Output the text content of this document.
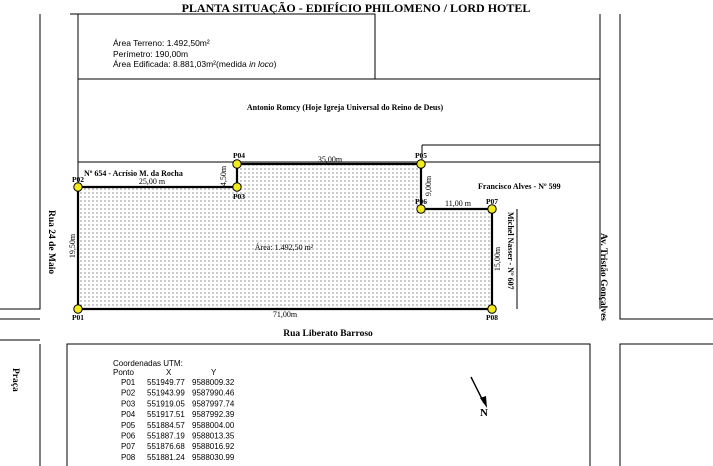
PLANTA SITUAÇÃO - EDIFÍCIO PHILOMENO / LORD HOTEL
Área Terreno: 1.492,50m²
Perímetro: 190,00m
Área Edificada: 8.881,03m²(medida in loco)
Antonio Romcy (Hoje Igreja Universal do Reino de Deus)
Nº 654 - Acrísio M. da Rocha
Francisco Alves - Nº 599
Michel Nasser - Nº 607
Rua Liberato Barroso
Rua 24 de Maio	Av. Tristão Gonçalves
Praça
25,00 m	4,50m
35,00m
9,00m
11,00 m
15,00m
71,00m
19,50m	Área: 1.492,50 m²
P01
P02
P03
P04	P05
P06	P07
P08
Coordenadas UTM:
Ponto	X	Y
P01 551949.77 9588009.32
P02 551943.99 9587990.46
P03 551919.05 9587997.74
P04 551917.51 9587992.39
P05 551884.57 9588004.00
P06 551887.19 9588013.35
P07 551876.68 9588016.92
P08 551881.24 9588030.99
N
